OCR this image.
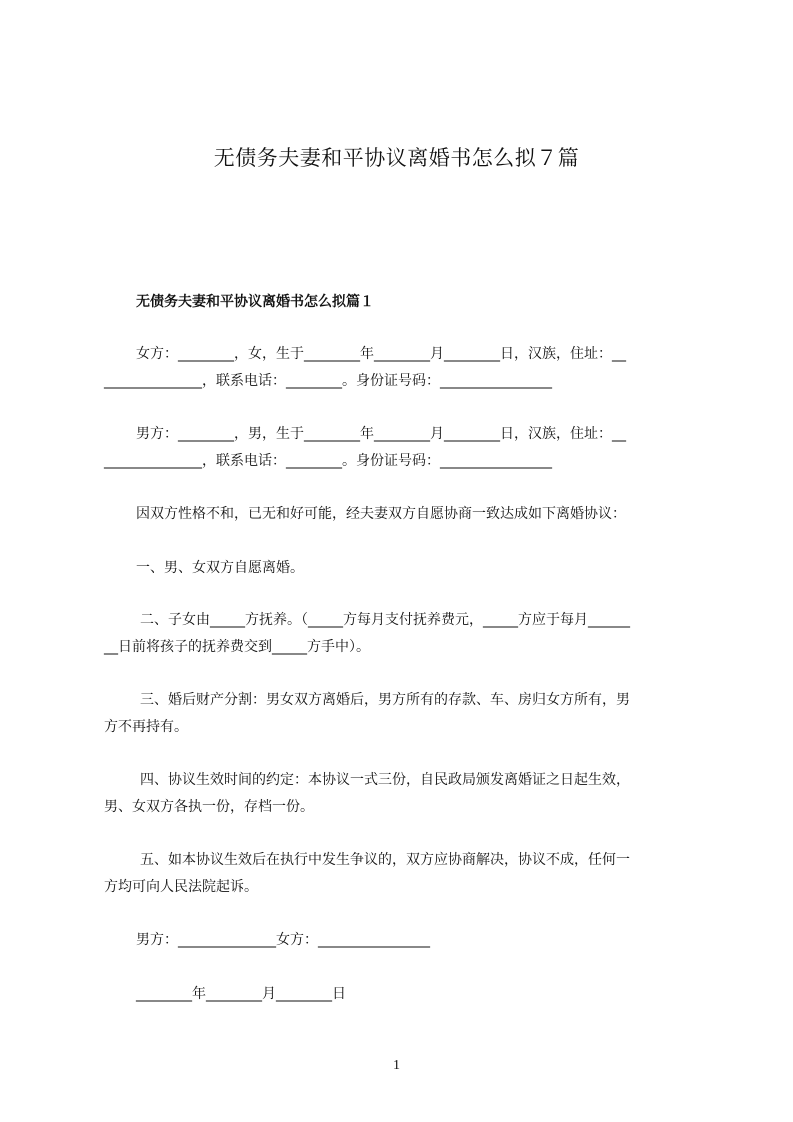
无债务夫妻和平协议离婚书怎么拟７篇
无债务夫妻和平协议离婚书怎么拟篇１
女方：________，女，生于________年________月________日，汉族，住址：__
______________，联系电话：________。身份证号码：________________
男方：________，男，生于________年________月________日，汉族，住址：__
______________，联系电话：________。身份证号码：________________
因双方性格不和，已无和好可能，经夫妻双方自愿协商一致达成如下离婚协议：
一、男、女双方自愿离婚。
二、子女由_____方抚养。（_____方每月支付抚养费元，_____方应于每月______
__日前将孩子的抚养费交到_____方手中）。
三、婚后财产分割：男女双方离婚后，男方所有的存款、车、房归女方所有，男
方不再持有。
四、协议生效时间的约定：本协议一式三份，自民政局颁发离婚证之日起生效，
男、女双方各执一份，存档一份。
五、如本协议生效后在执行中发生争议的，双方应协商解决，协议不成，任何一
方均可向人民法院起诉。
男方：______________女方：________________
________年________月________日
1
